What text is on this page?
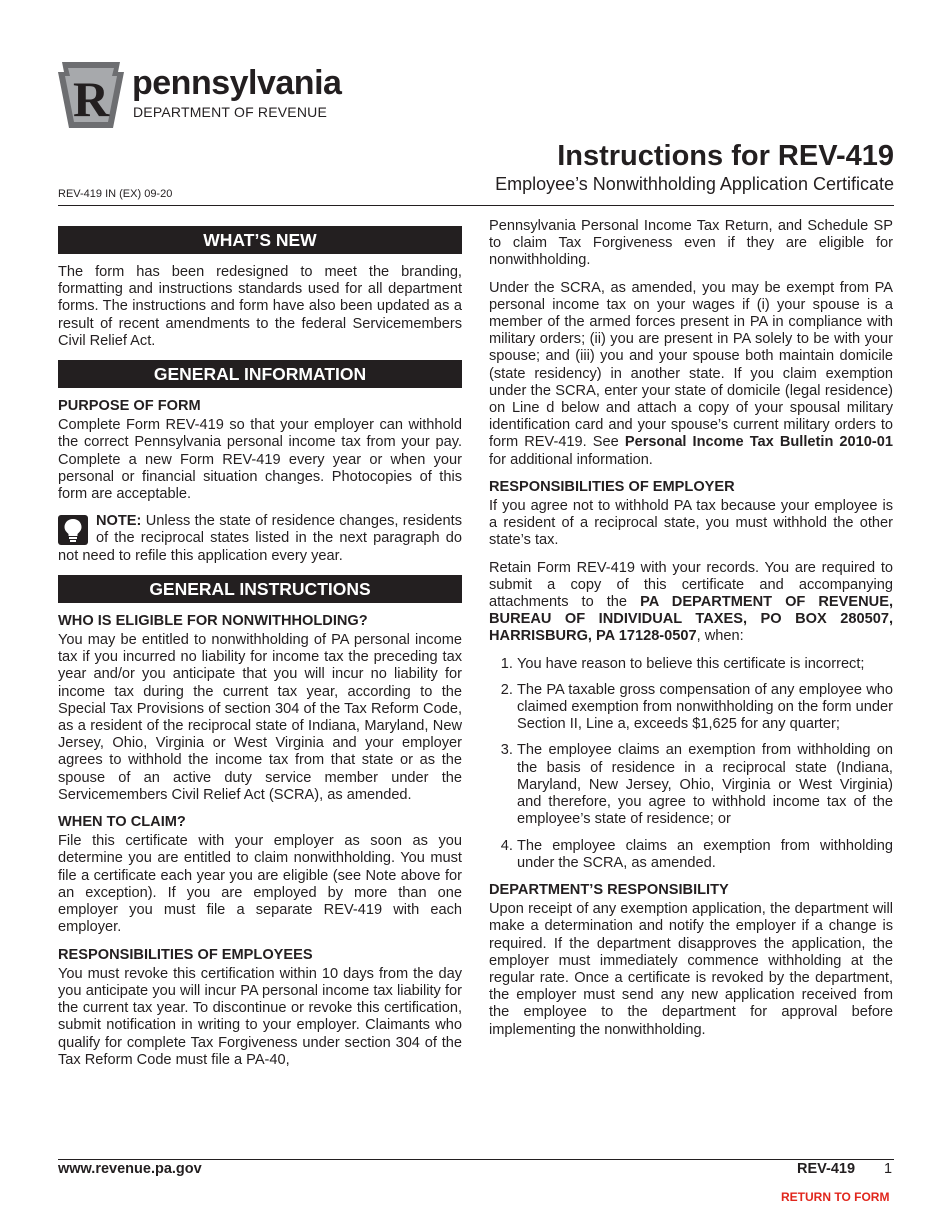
R pennsylvania
DEPARTMENT OF REVENUE
Instructions for REV-419
Employee’s Nonwithholding Application Certificate
REV-419 IN (EX) 09-20
WHAT’S NEW

The form has been redesigned to meet the branding, formatting and instructions standards used for all department forms. The instructions and form have also been updated as a result of recent amendments to the federal Servicemembers Civil Relief Act.

GENERAL INFORMATION
PURPOSE OF FORM

Complete Form REV-419 so that your employer can withhold the correct Pennsylvania personal income tax from your pay. Complete a new Form REV-419 every year or when your personal or financial situation changes. Photocopies of this form are acceptable.

NOTE: Unless the state of residence changes, residents of the reciprocal states listed in the next paragraph do not need to refile this application every year.
GENERAL INSTRUCTIONS
WHO IS ELIGIBLE FOR NONWITHHOLDING?

You may be entitled to nonwithholding of PA personal income tax if you incurred no liability for income tax the preceding tax year and/or you anticipate that you will incur no liability for income tax during the current tax year, according to the Special Tax Provisions of section 304 of the Tax Reform Code, as a resident of the reciprocal state of Indiana, Maryland, New Jersey, Ohio, Virginia or West Virginia and your employer agrees to withhold the income tax from that state or as the spouse of an active duty service member under the Servicemembers Civil Relief Act (SCRA), as amended.

WHEN TO CLAIM?

File this certificate with your employer as soon as you determine you are entitled to claim nonwithholding. You must file a certificate each year you are eligible (see Note above for an exception). If you are employed by more than one employer you must file a separate REV-419 with each employer.

RESPONSIBILITIES OF EMPLOYEES

You must revoke this certification within 10 days from the day you anticipate you will incur PA personal income tax liability for the current tax year. To discontinue or revoke this certification, submit notification in writing to your employer. Claimants who qualify for complete Tax Forgiveness under section 304 of the Tax Reform Code must file a PA-40,

Pennsylvania Personal Income Tax Return, and Schedule SP to claim Tax Forgiveness even if they are eligible for nonwithholding.

Under the SCRA, as amended, you may be exempt from PA personal income tax on your wages if (i) your spouse is a member of the armed forces present in PA in compliance with military orders; (ii) you are present in PA solely to be with your spouse; and (iii) you and your spouse both maintain domicile (state residency) in another state. If you claim exemption under the SCRA, enter your state of domicile (legal residence) on Line d below and attach a copy of your spousal military identification card and your spouse’s current military orders to form REV-419. See Personal Income Tax Bulletin 2010-01 for additional information.

RESPONSIBILITIES OF EMPLOYER

If you agree not to withhold PA tax because your employee is a resident of a reciprocal state, you must withhold the other state’s tax.

Retain Form REV-419 with your records. You are required to submit a copy of this certificate and accompanying attachments to the PA DEPARTMENT OF REVENUE, BUREAU OF INDIVIDUAL TAXES, PO BOX 280507, HARRISBURG, PA 17128-0507, when:

1. You have reason to believe this certificate is incorrect;
2. The PA taxable gross compensation of any employee who claimed exemption from nonwithholding on the form under Section II, Line a, exceeds $1,625 for any quarter;
3. The employee claims an exemption from withholding on the basis of residence in a reciprocal state (Indiana, Maryland, New Jersey, Ohio, Virginia or West Virginia) and therefore, you agree to withhold income tax of the employee’s state of residence; or
4. The employee claims an exemption from withholding under the SCRA, as amended.
DEPARTMENT’S RESPONSIBILITY

Upon receipt of any exemption application, the department will make a determination and notify the employer if a change is required. If the department disapproves the application, the employer must immediately commence withholding at the regular rate. Once a certificate is revoked by the department, the employer must send any new application received from the employee to the department for approval before implementing the nonwithholding.

www.revenue.pa.gov	REV-419 1
RETURN TO FORM
